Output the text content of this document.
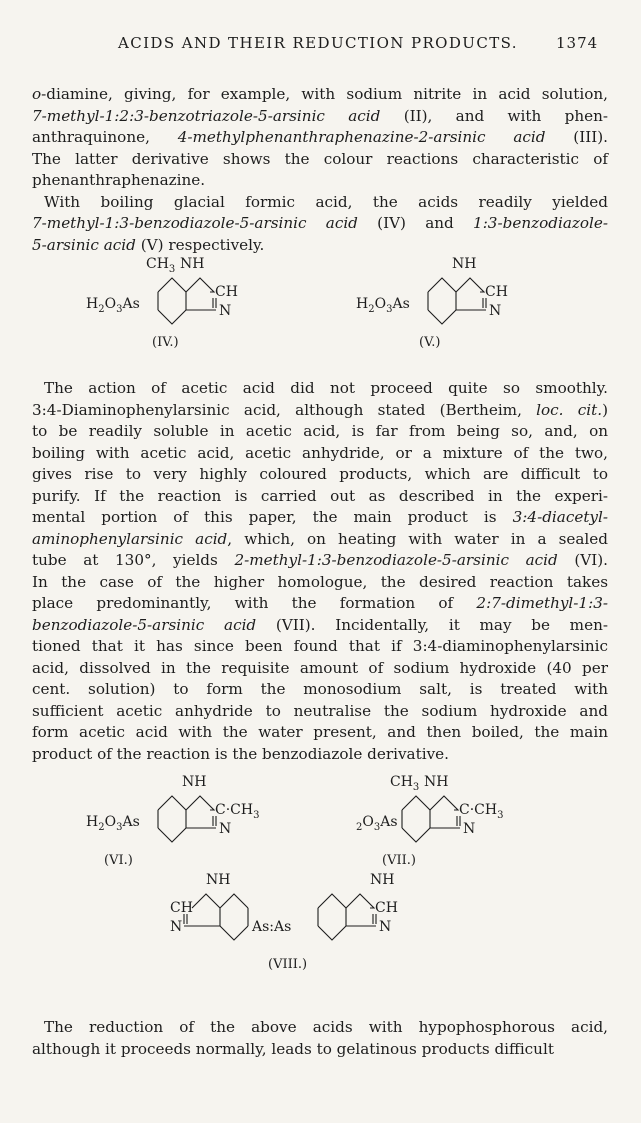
ACIDS AND THEIR REDUCTION PRODUCTS.	1374
o-diamine, giving, for example, with sodium nitrite in acid solution,
7-methyl-1:2:3-benzotriazole-5-arsinic acid (II), and with phen-
anthraquinone, 4-methylphenanthraphenazine-2-arsinic acid (III).
The latter derivative shows the colour reactions characteristic of
phenanthraphenazine.
With boiling glacial formic acid, the acids readily yielded
7-methyl-1:3-benzodiazole-5-arsinic acid (IV) and 1:3-benzodiazole-
5-arsinic acid (V) respectively.
$CH_3$ NH
CH
N
$H_2O_3As$
(IV.)
NH
CH
N
$H_2O_3As$
(V.)
The action of acetic acid did not proceed quite so smoothly.
3:4-Diaminophenylarsinic acid, although stated (Bertheim, loc. cit.)
to be readily soluble in acetic acid, is far from being so, and, on
boiling with acetic acid, acetic anhydride, or a mixture of the two,
gives rise to very highly coloured products, which are difficult to
purify. If the reaction is carried out as described in the experi-
mental portion of this paper, the main product is 3:4-diacetyl-
aminophenylarsinic acid, which, on heating with water in a sealed
tube at 130°, yields 2-methyl-1:3-benzodiazole-5-arsinic acid (VI).
In the case of the higher homologue, the desired reaction takes
place predominantly, with the formation of 2:7-dimethyl-1:3-
benzodiazole-5-arsinic acid (VII). Incidentally, it may be men-
tioned that it has since been found that if 3:4-diaminophenylarsinic
acid, dissolved in the requisite amount of sodium hydroxide (40 per
cent. solution) to form the monosodium salt, is treated with
sufficient acetic anhydride to neutralise the sodium hydroxide and
form acetic acid with the water present, and then boiled, the main
product of the reaction is the benzodiazole derivative.
NH
$C\cdot CH_3$
N
$H_2O_3As$
(VI.)
$CH_3$ NH
$C\cdot CH_3$
N
$_2O_3As$
(VII.)
NH	NH
CH
N	As:As
CH
N
(VIII.)
The reduction of the above acids with hypophosphorous acid,
although it proceeds normally, leads to gelatinous products difficult
